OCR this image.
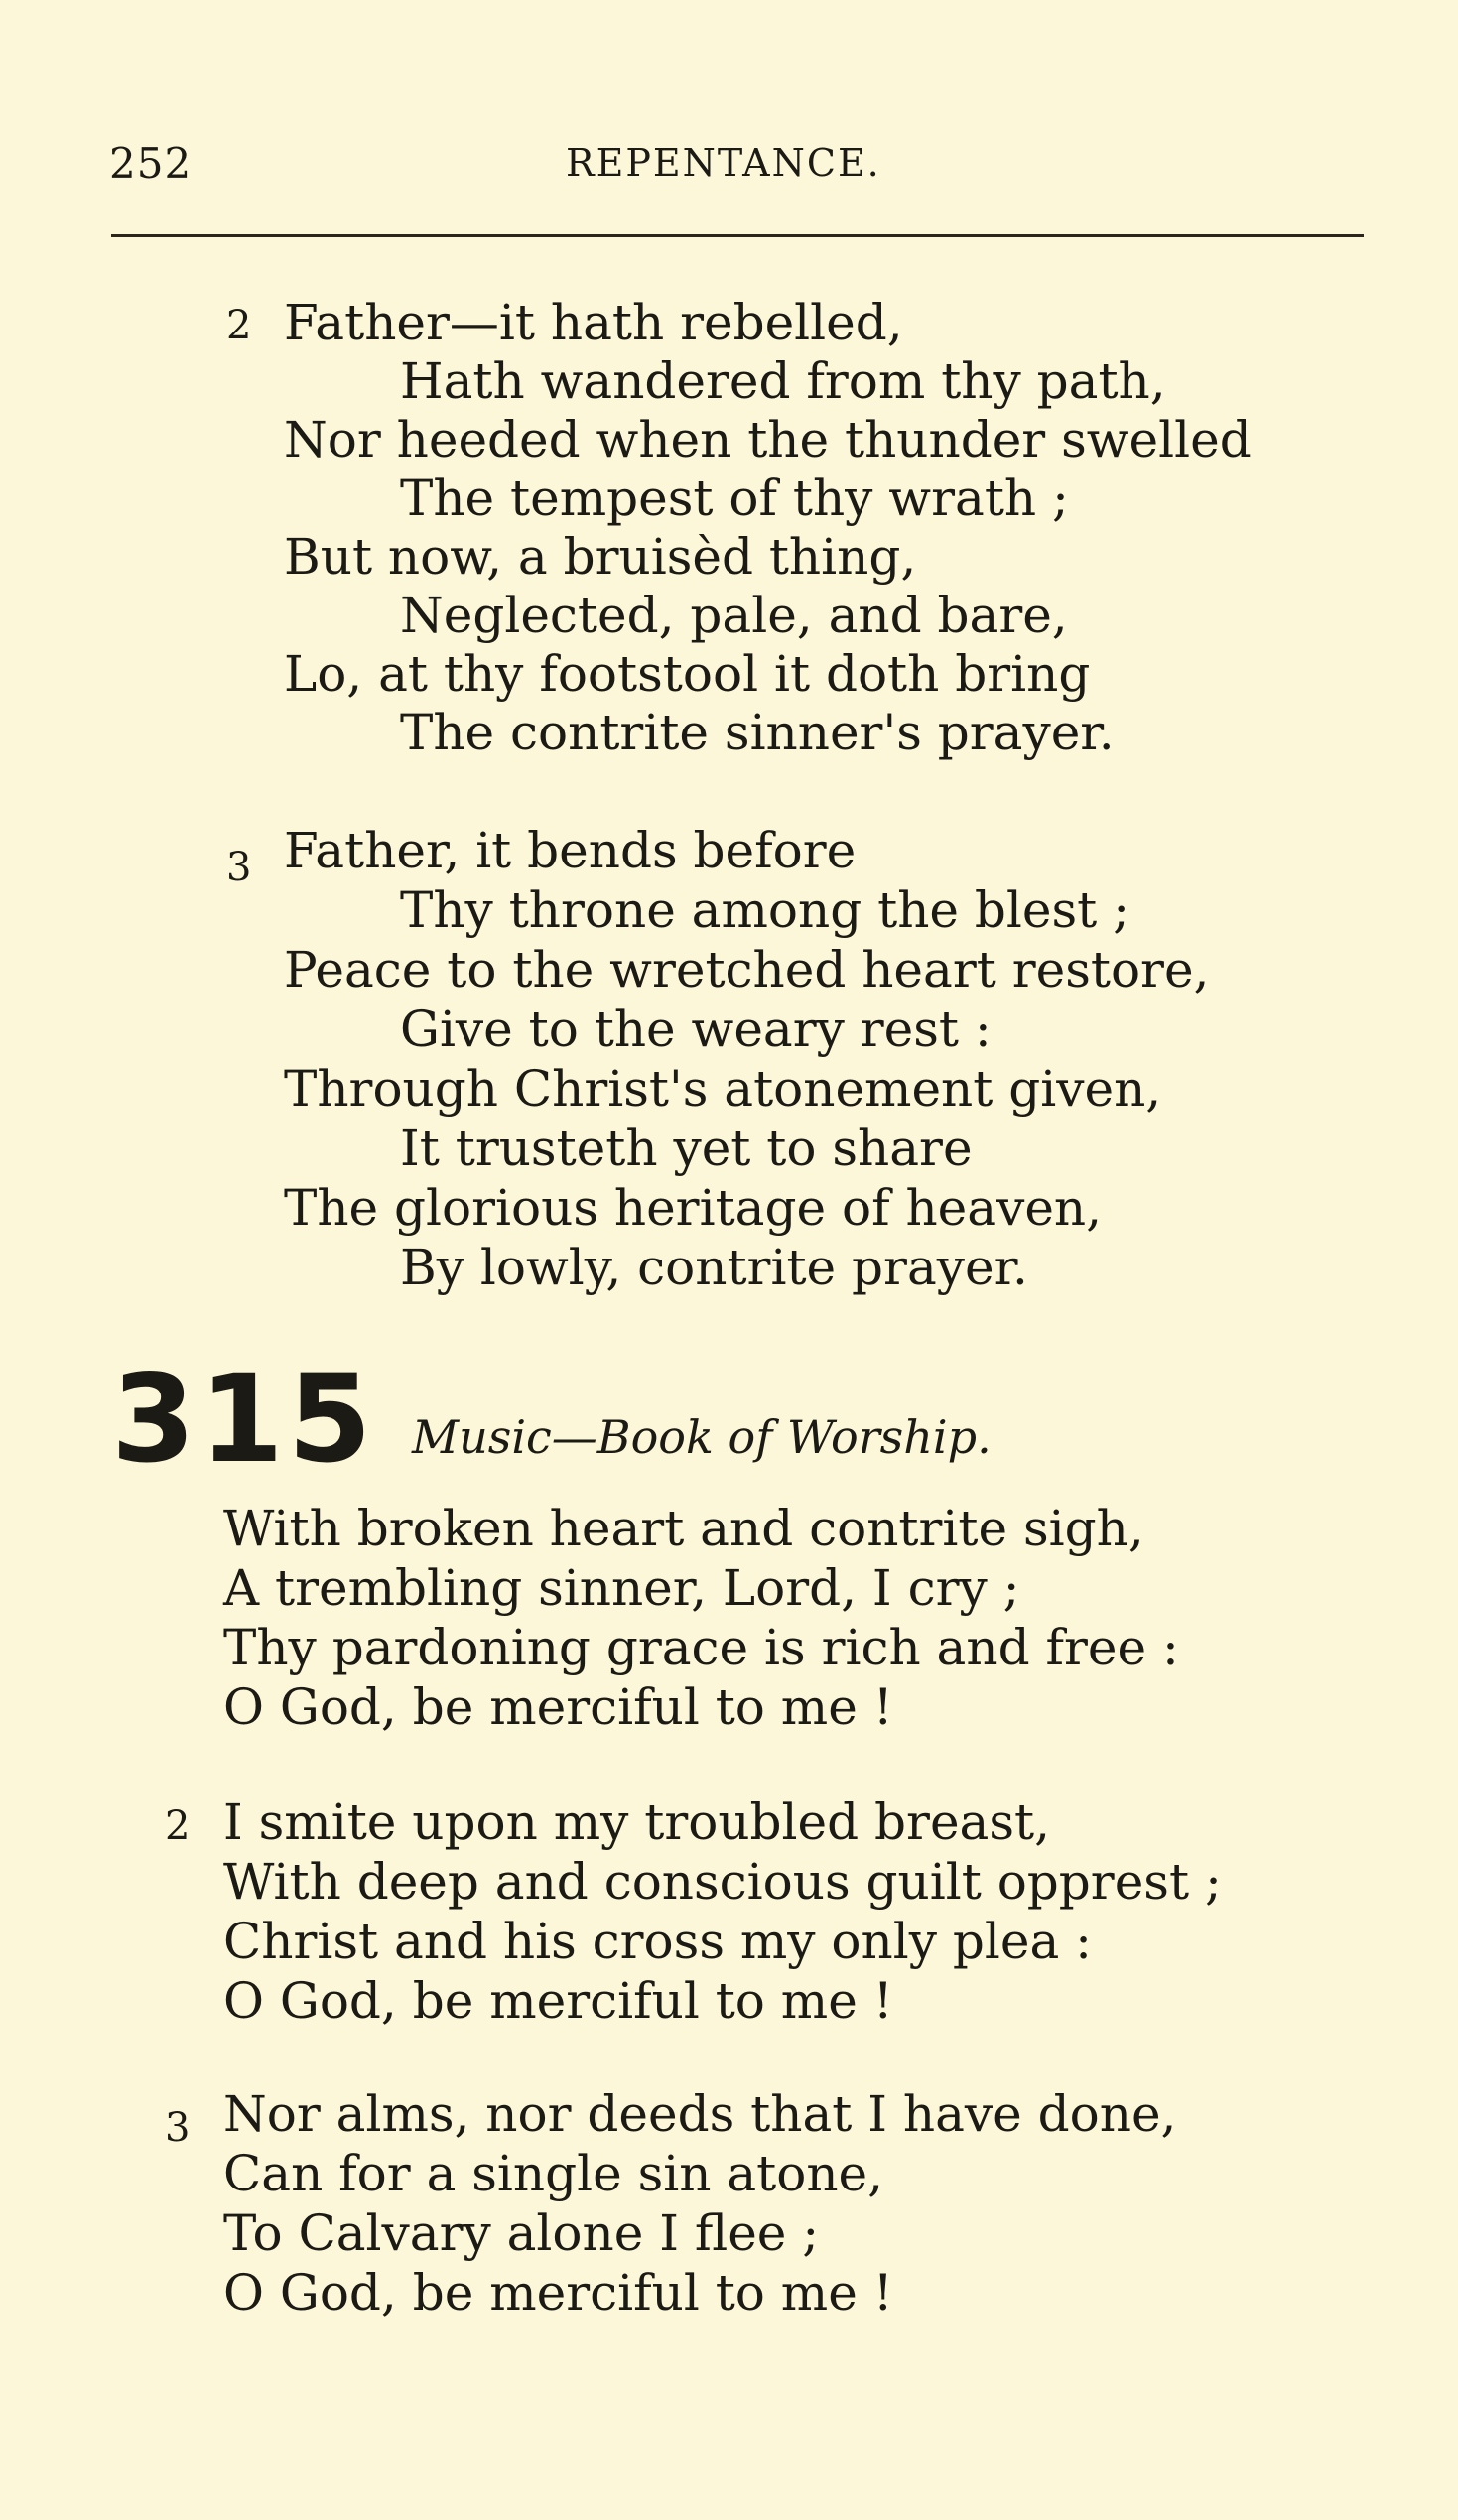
252	REPENTANCE.
2 Father—it hath rebelled,
Hath wandered from thy path,
Nor heeded when the thunder swelled
The tempest of thy wrath ;
But now, a bruisèd thing,
Neglected, pale, and bare,
Lo, at thy footstool it doth bring
The contrite sinner's prayer.
3 Father, it bends before
Thy throne among the blest ;
Peace to the wretched heart restore,
Give to the weary rest :
Through Christ's atonement given,
It trusteth yet to share
The glorious heritage of heaven,
By lowly, contrite prayer.
315 Music—Book of Worship.
With broken heart and contrite sigh,
A trembling sinner, Lord, I cry ;
Thy pardoning grace is rich and free :
O God, be merciful to me !
2 I smite upon my troubled breast,
With deep and conscious guilt opprest ;
Christ and his cross my only plea :
O God, be merciful to me !
3 Nor alms, nor deeds that I have done,
Can for a single sin atone,
To Calvary alone I flee ;
O God, be merciful to me !
